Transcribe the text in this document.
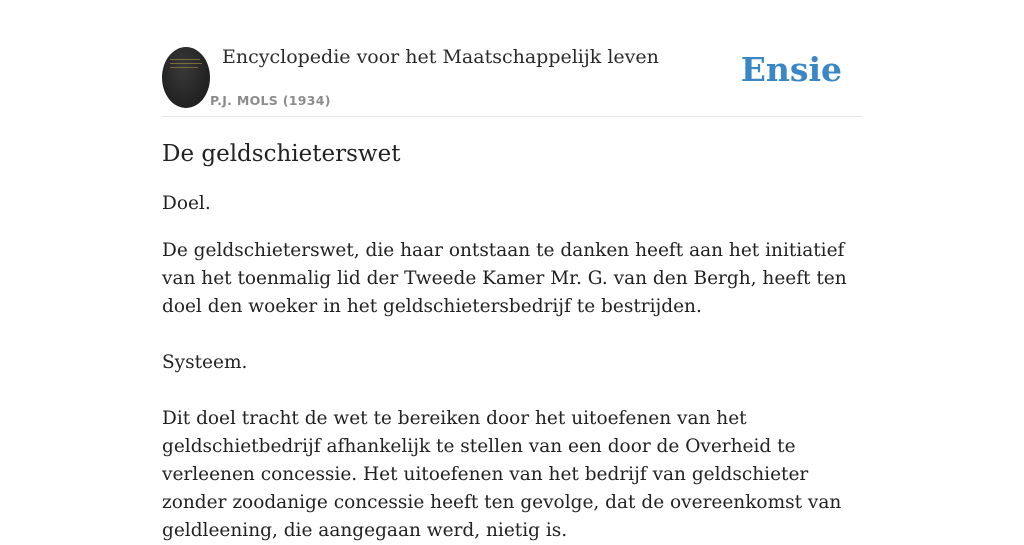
Encyclopedie voor het Maatschappelijk leven
P.J. MOLS (1934)
Ensie
De geldschieterswet

Doel.

De geldschieterswet, die haar ontstaan te danken heeft aan het initiatief van het toenmalig lid der Tweede Kamer Mr. G. van den Bergh, heeft ten doel den woeker in het geldschietersbedrijf te bestrijden.

Systeem.

Dit doel tracht de wet te bereiken door het uitoefenen van het geldschietbedrijf afhankelijk te stellen van een door de Overheid te verleenen concessie. Het uitoefenen van het bedrijf van geldschieter zonder zoodanige concessie heeft ten gevolge, dat de overeenkomst van geldleening, die aangegaan werd, nietig is.
